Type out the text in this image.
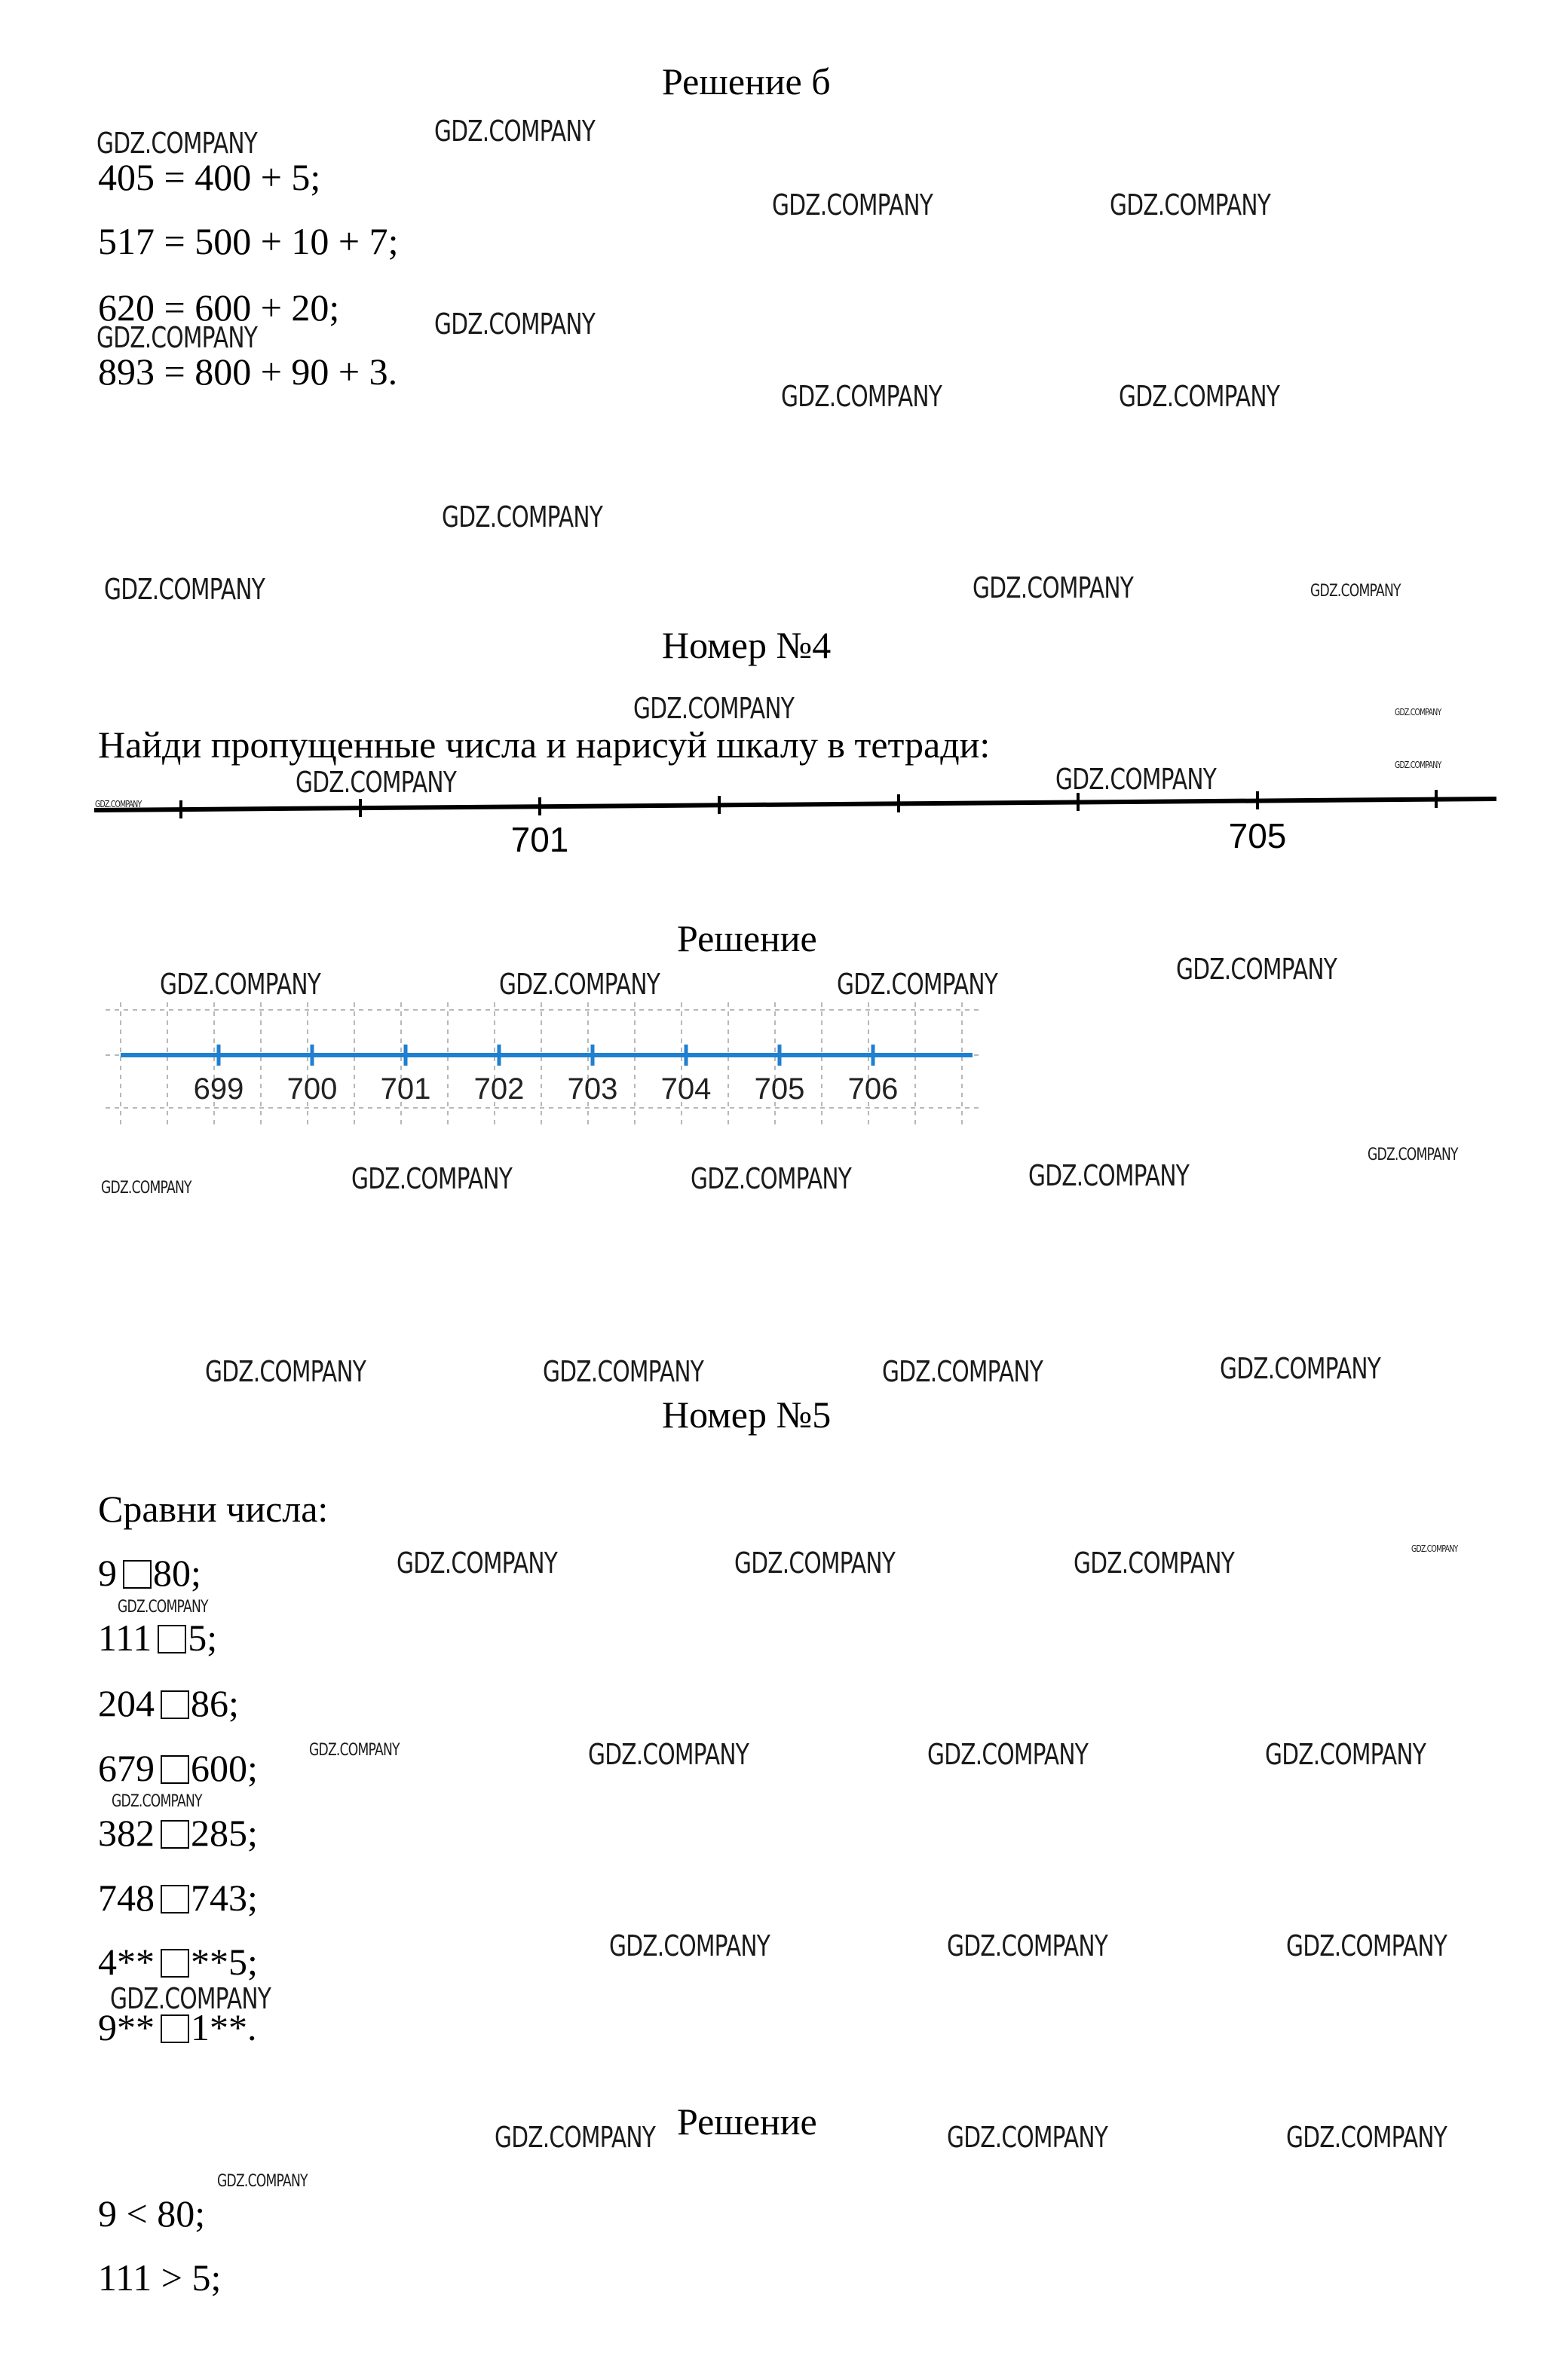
Решение б
405 = 400 + 5;
517 = 500 + 10 + 7;
620 = 600 + 20;
893 = 800 + 90 + 3.
Номер №4
Найди пропущенные числа и нарисуй шкалу в тетради:
701	705
Решение
699 700 701 702 703 704 705 706
Номер №5
Сравни числа:
9 80;
111 5;
204 86;
679 600;
382 285;
748 743;
4** **5;
9** 1**.
Решение
9 < 80;
111 > 5;
GDZ.COMPANY	GDZ.COMPANY
GDZ.COMPANY	GDZ.COMPANY
GDZ.COMPANY	GDZ.COMPANY
GDZ.COMPANY	GDZ.COMPANY
GDZ.COMPANY
GDZ.COMPANY	GDZ.COMPANY	GDZ.COMPANY
GDZ.COMPANY	GDZ.COMPANY
GDZ.COMPANY
GDZ.COMPANY
GDZ.COMPANY	GDZ.COMPANY
GDZ.COMPANY	GDZ.COMPANY	GDZ.COMPANY	GDZ.COMPANY
GDZ.COMPANY	GDZ.COMPANY	GDZ.COMPANY	GDZ.COMPANY
GDZ.COMPANY
GDZ.COMPANY	GDZ.COMPANY	GDZ.COMPANY	GDZ.COMPANY
GDZ.COMPANY	GDZ.COMPANY	GDZ.COMPANY	GDZ.COMPANY
GDZ.COMPANY
GDZ.COMPANY	GDZ.COMPANY	GDZ.COMPANY	GDZ.COMPANY
GDZ.COMPANY
GDZ.COMPANY	GDZ.COMPANY	GDZ.COMPANY
GDZ.COMPANY
GDZ.COMPANY	GDZ.COMPANY	GDZ.COMPANY
GDZ.COMPANY
